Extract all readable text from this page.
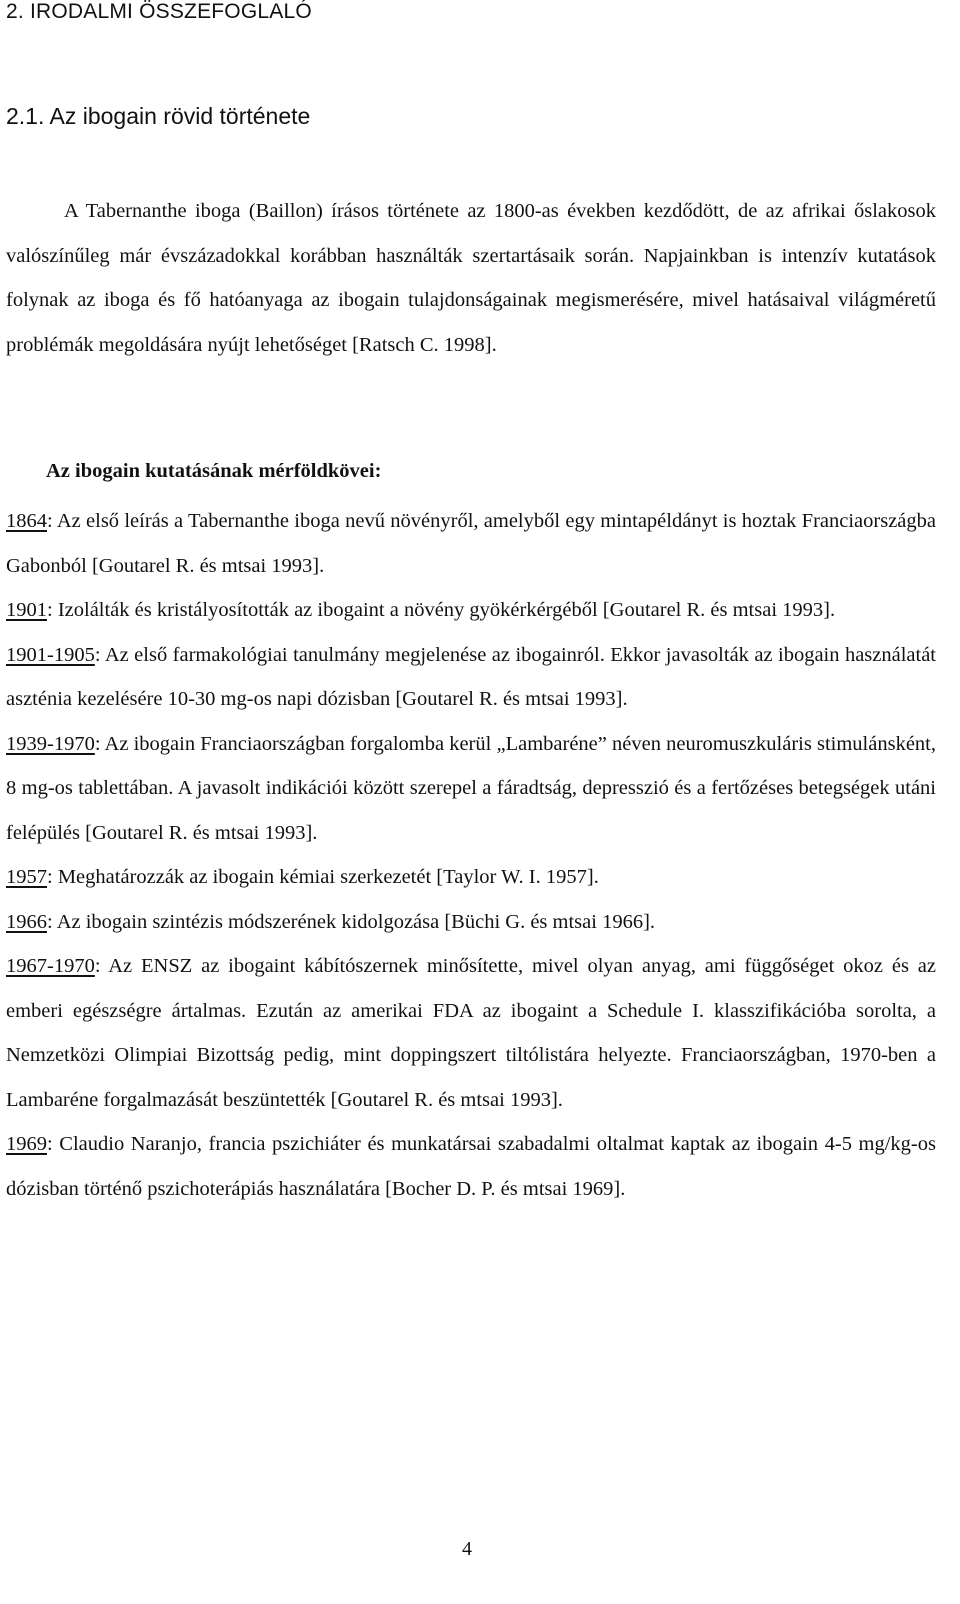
2. IRODALMI ÖSSZEFOGLALÓ
2.1. Az ibogain rövid története

A Tabernanthe iboga (Baillon) írásos története az 1800-as években kezdődött, de az afrikai őslakosok valószínűleg már évszázadokkal korábban használták szertartásaik során. Napjainkban is intenzív kutatások folynak az iboga és fő hatóanyaga az ibogain tulajdonságainak megismerésére, mivel hatásaival világméretű problémák megoldására nyújt lehetőséget [Ratsch C. 1998].

Az ibogain kutatásának mérföldkövei:

1864: Az első leírás a Tabernanthe iboga nevű növényről, amelyből egy mintapéldányt is hoztak Franciaországba Gabonból [Goutarel R. és mtsai 1993].

1901: Izolálták és kristályosították az ibogaint a növény gyökérkérgéből [Goutarel R. és mtsai 1993].

1901-1905: Az első farmakológiai tanulmány megjelenése az ibogainról. Ekkor javasolták az ibogain használatát aszténia kezelésére 10-30 mg-os napi dózisban [Goutarel R. és mtsai 1993].

1939-1970: Az ibogain Franciaországban forgalomba kerül „Lambaréne” néven neuromuszkuláris stimulánsként, 8 mg-os tablettában. A javasolt indikációi között szerepel a fáradtság, depresszió és a fertőzéses betegségek utáni felépülés [Goutarel R. és mtsai 1993].

1957: Meghatározzák az ibogain kémiai szerkezetét [Taylor W. I. 1957].

1966: Az ibogain szintézis módszerének kidolgozása [Büchi G. és mtsai 1966].

1967-1970: Az ENSZ az ibogaint kábítószernek minősítette, mivel olyan anyag, ami függőséget okoz és az emberi egészségre ártalmas. Ezután az amerikai FDA az ibogaint a Schedule I. klasszifikációba sorolta, a Nemzetközi Olimpiai Bizottság pedig, mint doppingszert tiltólistára helyezte. Franciaországban, 1970-ben a Lambaréne forgalmazását beszüntették [Goutarel R. és mtsai 1993].

1969: Claudio Naranjo, francia pszichiáter és munkatársai szabadalmi oltalmat kaptak az ibogain 4-5 mg/kg-os dózisban történő pszichoterápiás használatára [Bocher D. P. és mtsai 1969].

4
